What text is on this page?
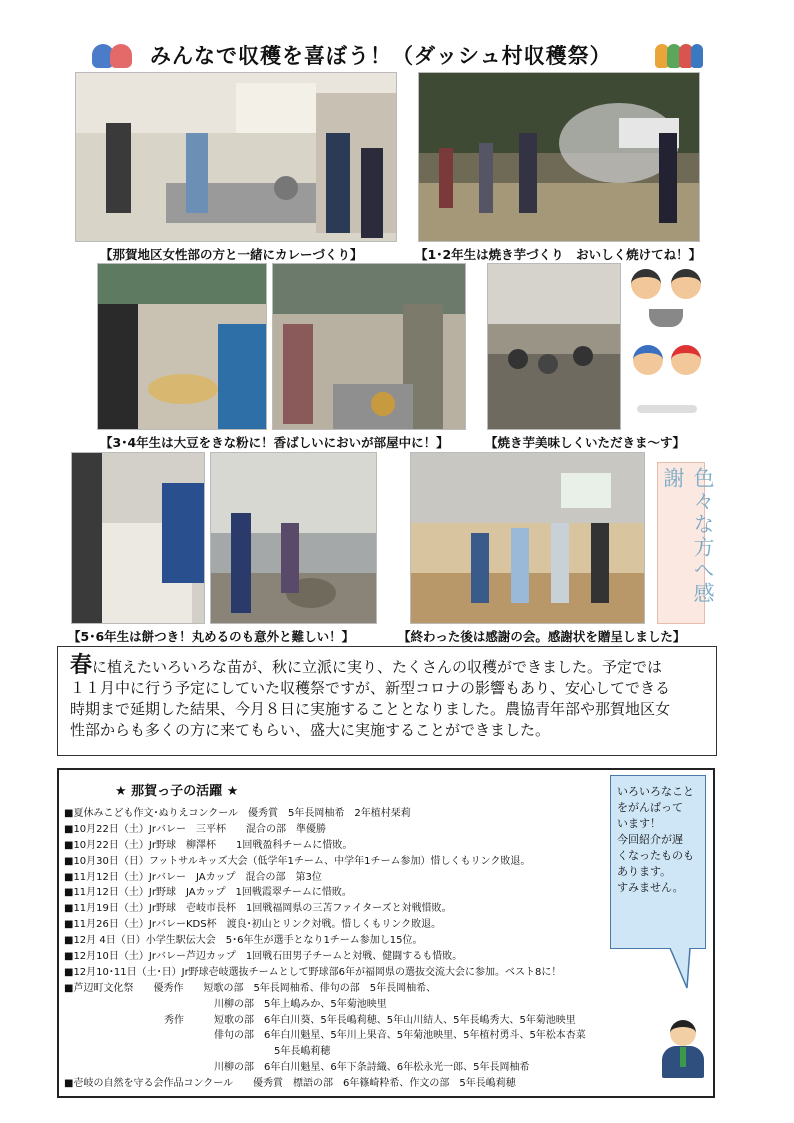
みんなで収穫を喜ぼう！（ダッシュ村収穫祭）
【那賀地区女性部の方と一緒にカレーづくり】	【1･2年生は焼き芋づくり　おいしく焼けてね！】
【3･4年生は大豆をきな粉に！香ばしいにおいが部屋中に！】	【焼き芋美味しくいただきま～す】
色々な方へ感謝
【5･6年生は餅つき！丸めるのも意外と難しい！】	【終わった後は感謝の会。感謝状を贈呈しました】
春に植えたいろいろな苗が、秋に立派に実り、たくさんの収穫ができました。予定では
１１月中に行う予定にしていた収穫祭ですが、新型コロナの影響もあり、安心してできる
時期まで延期した結果、今月８日に実施することとなりました。農協青年部や那賀地区女
性部からも多くの方に来てもらい、盛大に実施することができました。
★ 那賀っ子の活躍 ★
■夏休みこども作文･ぬりえコンクール　優秀賞　5年長岡柚希　2年植村栞莉
■10月22日（土）Jrバレー　三平杯　　混合の部　準優勝
■10月22日（土）Jr野球　柳澤杯　　1回戦盈科チームに惜敗。
■10月30日（日）フットサルキッズ大会（低学年1チーム、中学年1チーム参加）惜しくもリンク敗退。
■11月12日（土）Jrバレー　JAカップ　混合の部　第3位
■11月12日（土）Jr野球　JAカップ　1回戦霞翠チームに惜敗。
■11月19日（土）Jr野球　壱岐市長杯　1回戦福岡県の三苫ファイターズと対戦惜敗。
■11月26日（土）JrバレーKDS杯　渡良･初山とリンク対戦。惜しくもリンク敗退。
■12月 4日（日）小学生駅伝大会　5･6年生が選手となり1チーム参加し15位。
■12月10日（土）Jrバレー芦辺カップ　1回戦石田男子チームと対戦、健闘するも惜敗。
■12月10･11日（土･日）Jr野球壱岐選抜チームとして野球部6年が福岡県の選抜交流大会に参加。ベスト8に！
■芦辺町文化祭　　優秀作　　短歌の部　5年長岡柚希、俳句の部　5年長岡柚希、
　　　　　　　　　　　　　　　川柳の部　5年上嶋みか、5年菊池映里
　　　　　　　　　　秀作　　　短歌の部　6年白川葵、5年長嶋莉穂、5年山川結人、5年長嶋秀大、5年菊池映里
　　　　　　　　　　　　　　　俳句の部　6年白川魁星、5年川上果音、5年菊池映里、5年植村勇斗、5年松本杏菜
　　　　　　　　　　　　　　　　　　　　　5年長嶋莉穂
　　　　　　　　　　　　　　　川柳の部　6年白川魁星、6年下条詩織、6年松永光一郎、5年長岡柚希
■壱岐の自然を守る会作品コンクール　　優秀賞　標語の部　6年篠崎粋希、作文の部　5年長嶋莉穂
いろいろなこと
をがんばって
います！
今回紹介が遅
くなったものも
あります。
すみません。
